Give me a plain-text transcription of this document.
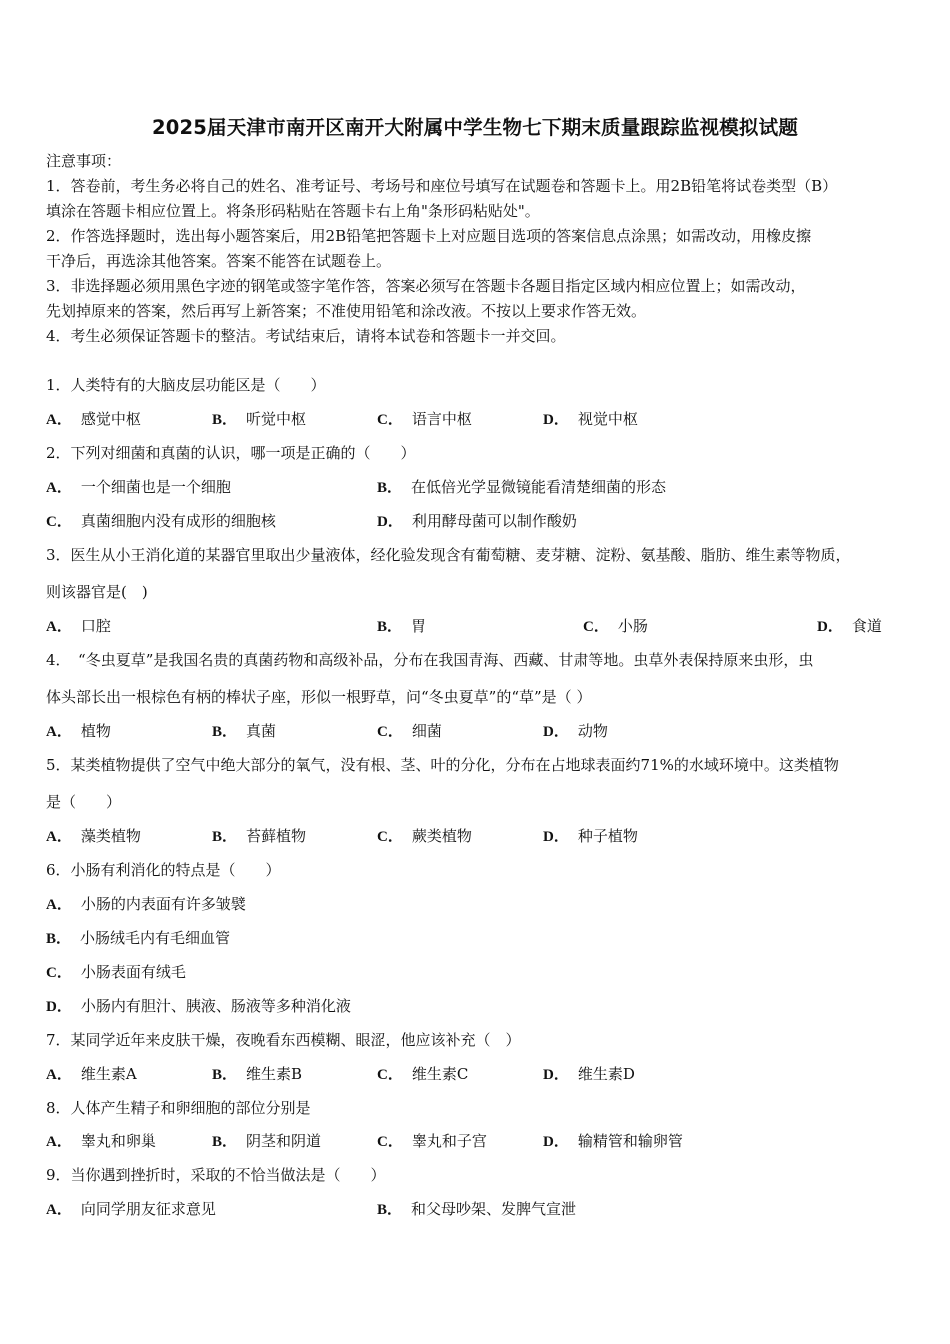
2025届天津市南开区南开大附属中学生物七下期末质量跟踪监视模拟试题
注意事项：
1．答卷前，考生务必将自己的姓名、准考证号、考场号和座位号填写在试题卷和答题卡上。用2B铅笔将试卷类型（B）
填涂在答题卡相应位置上。将条形码粘贴在答题卡右上角"条形码粘贴处"。
2．作答选择题时，选出每小题答案后，用2B铅笔把答题卡上对应题目选项的答案信息点涂黑；如需改动，用橡皮擦
干净后，再选涂其他答案。答案不能答在试题卷上。
3．非选择题必须用黑色字迹的钢笔或签字笔作答，答案必须写在答题卡各题目指定区域内相应位置上；如需改动，
先划掉原来的答案，然后再写上新答案；不准使用铅笔和涂改液。不按以上要求作答无效。
4．考生必须保证答题卡的整洁。考试结束后，请将本试卷和答题卡一并交回。
1．人类特有的大脑皮层功能区是（　　）
A． 感觉中枢	B． 听觉中枢	C． 语言中枢	D． 视觉中枢
2．下列对细菌和真菌的认识，哪一项是正确的（　　）
A． 一个细菌也是一个细胞	B． 在低倍光学显微镜能看清楚细菌的形态
C． 真菌细胞内没有成形的细胞核	D． 利用酵母菌可以制作酸奶
3．医生从小王消化道的某器官里取出少量液体，经化验发现含有葡萄糖、麦芽糖、淀粉、氨基酸、脂肪、维生素等物质，
则该器官是(　)
A． 口腔	B． 胃	C． 小肠	D． 食道
4．　“冬虫夏草”是我国名贵的真菌药物和高级补品，分布在我国青海、西藏、甘肃等地。虫草外表保持原来虫形，虫
体头部长出一根棕色有柄的棒状子座，形似一根野草，问“冬虫夏草”的“草”是（ ）
A． 植物	B． 真菌	C． 细菌	D． 动物
5．某类植物提供了空气中绝大部分的氧气，没有根、茎、叶的分化，分布在占地球表面约71%的水域环境中。这类植物
是（　　）
A． 藻类植物	B． 苔藓植物	C． 蕨类植物	D． 种子植物
6．小肠有利消化的特点是（　　）
A． 小肠的内表面有许多皱襞
B． 小肠绒毛内有毛细血管
C． 小肠表面有绒毛
D． 小肠内有胆汁、胰液、肠液等多种消化液
7．某同学近年来皮肤干燥，夜晚看东西模糊、眼涩，他应该补充（　）
A． 维生素A	B． 维生素B	C． 维生素C	D． 维生素D
8．人体产生精子和卵细胞的部位分别是
A． 睾丸和卵巢	B． 阴茎和阴道	C． 睾丸和子宫	D． 输精管和输卵管
9．当你遇到挫折时，采取的不恰当做法是（　　）
A． 向同学朋友征求意见	B． 和父母吵架、发脾气宣泄
